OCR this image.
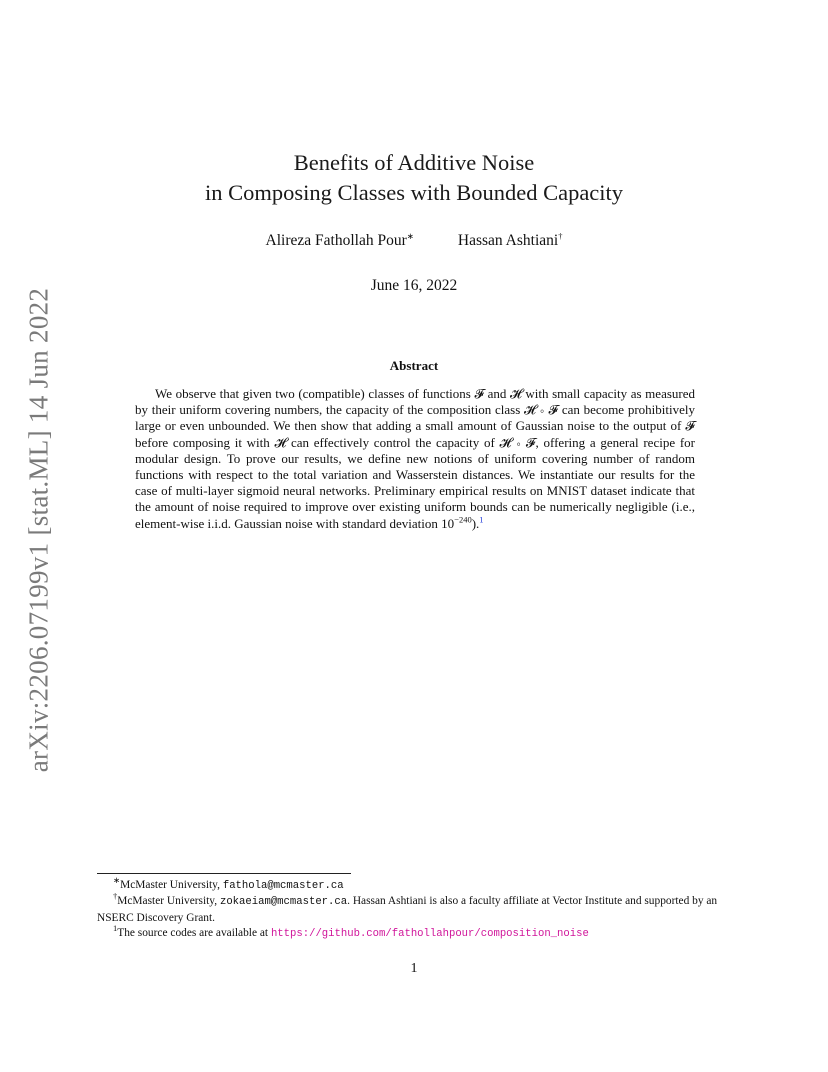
arXiv:2206.07199v1 [stat.ML] 14 Jun 2022
Benefits of Additive Noise
in Composing Classes with Bounded Capacity
Alireza Fathollah Pour∗	Hassan Ashtiani†
June 16, 2022
Abstract

We observe that given two (compatible) classes of functions 𝓕 and 𝓗 with small capacity as measured by their uniform covering numbers, the capacity of the composition class 𝓗 ∘ 𝓕 can become prohibitively large or even unbounded. We then show that adding a small amount of Gaussian noise to the output of 𝓕 before composing it with 𝓗 can effectively control the capacity of 𝓗 ∘ 𝓕, offering a general recipe for modular design. To prove our results, we define new notions of uniform covering number of random functions with respect to the total variation and Wasserstein distances. We instantiate our results for the case of multi-layer sigmoid neural networks. Preliminary empirical results on MNIST dataset indicate that the amount of noise required to improve over existing uniform bounds can be numerically negligible (i.e., element-wise i.i.d. Gaussian noise with standard deviation $10^{-240}).^1$

∗McMaster University, fathola@mcmaster.ca

†McMaster University, zokaeiam@mcmaster.ca. Hassan Ashtiani is also a faculty affiliate at Vector Institute and supported by an NSERC Discovery Grant.

$^1$The source codes are available at https://github.com/fathollahpour/composition_noise

1
